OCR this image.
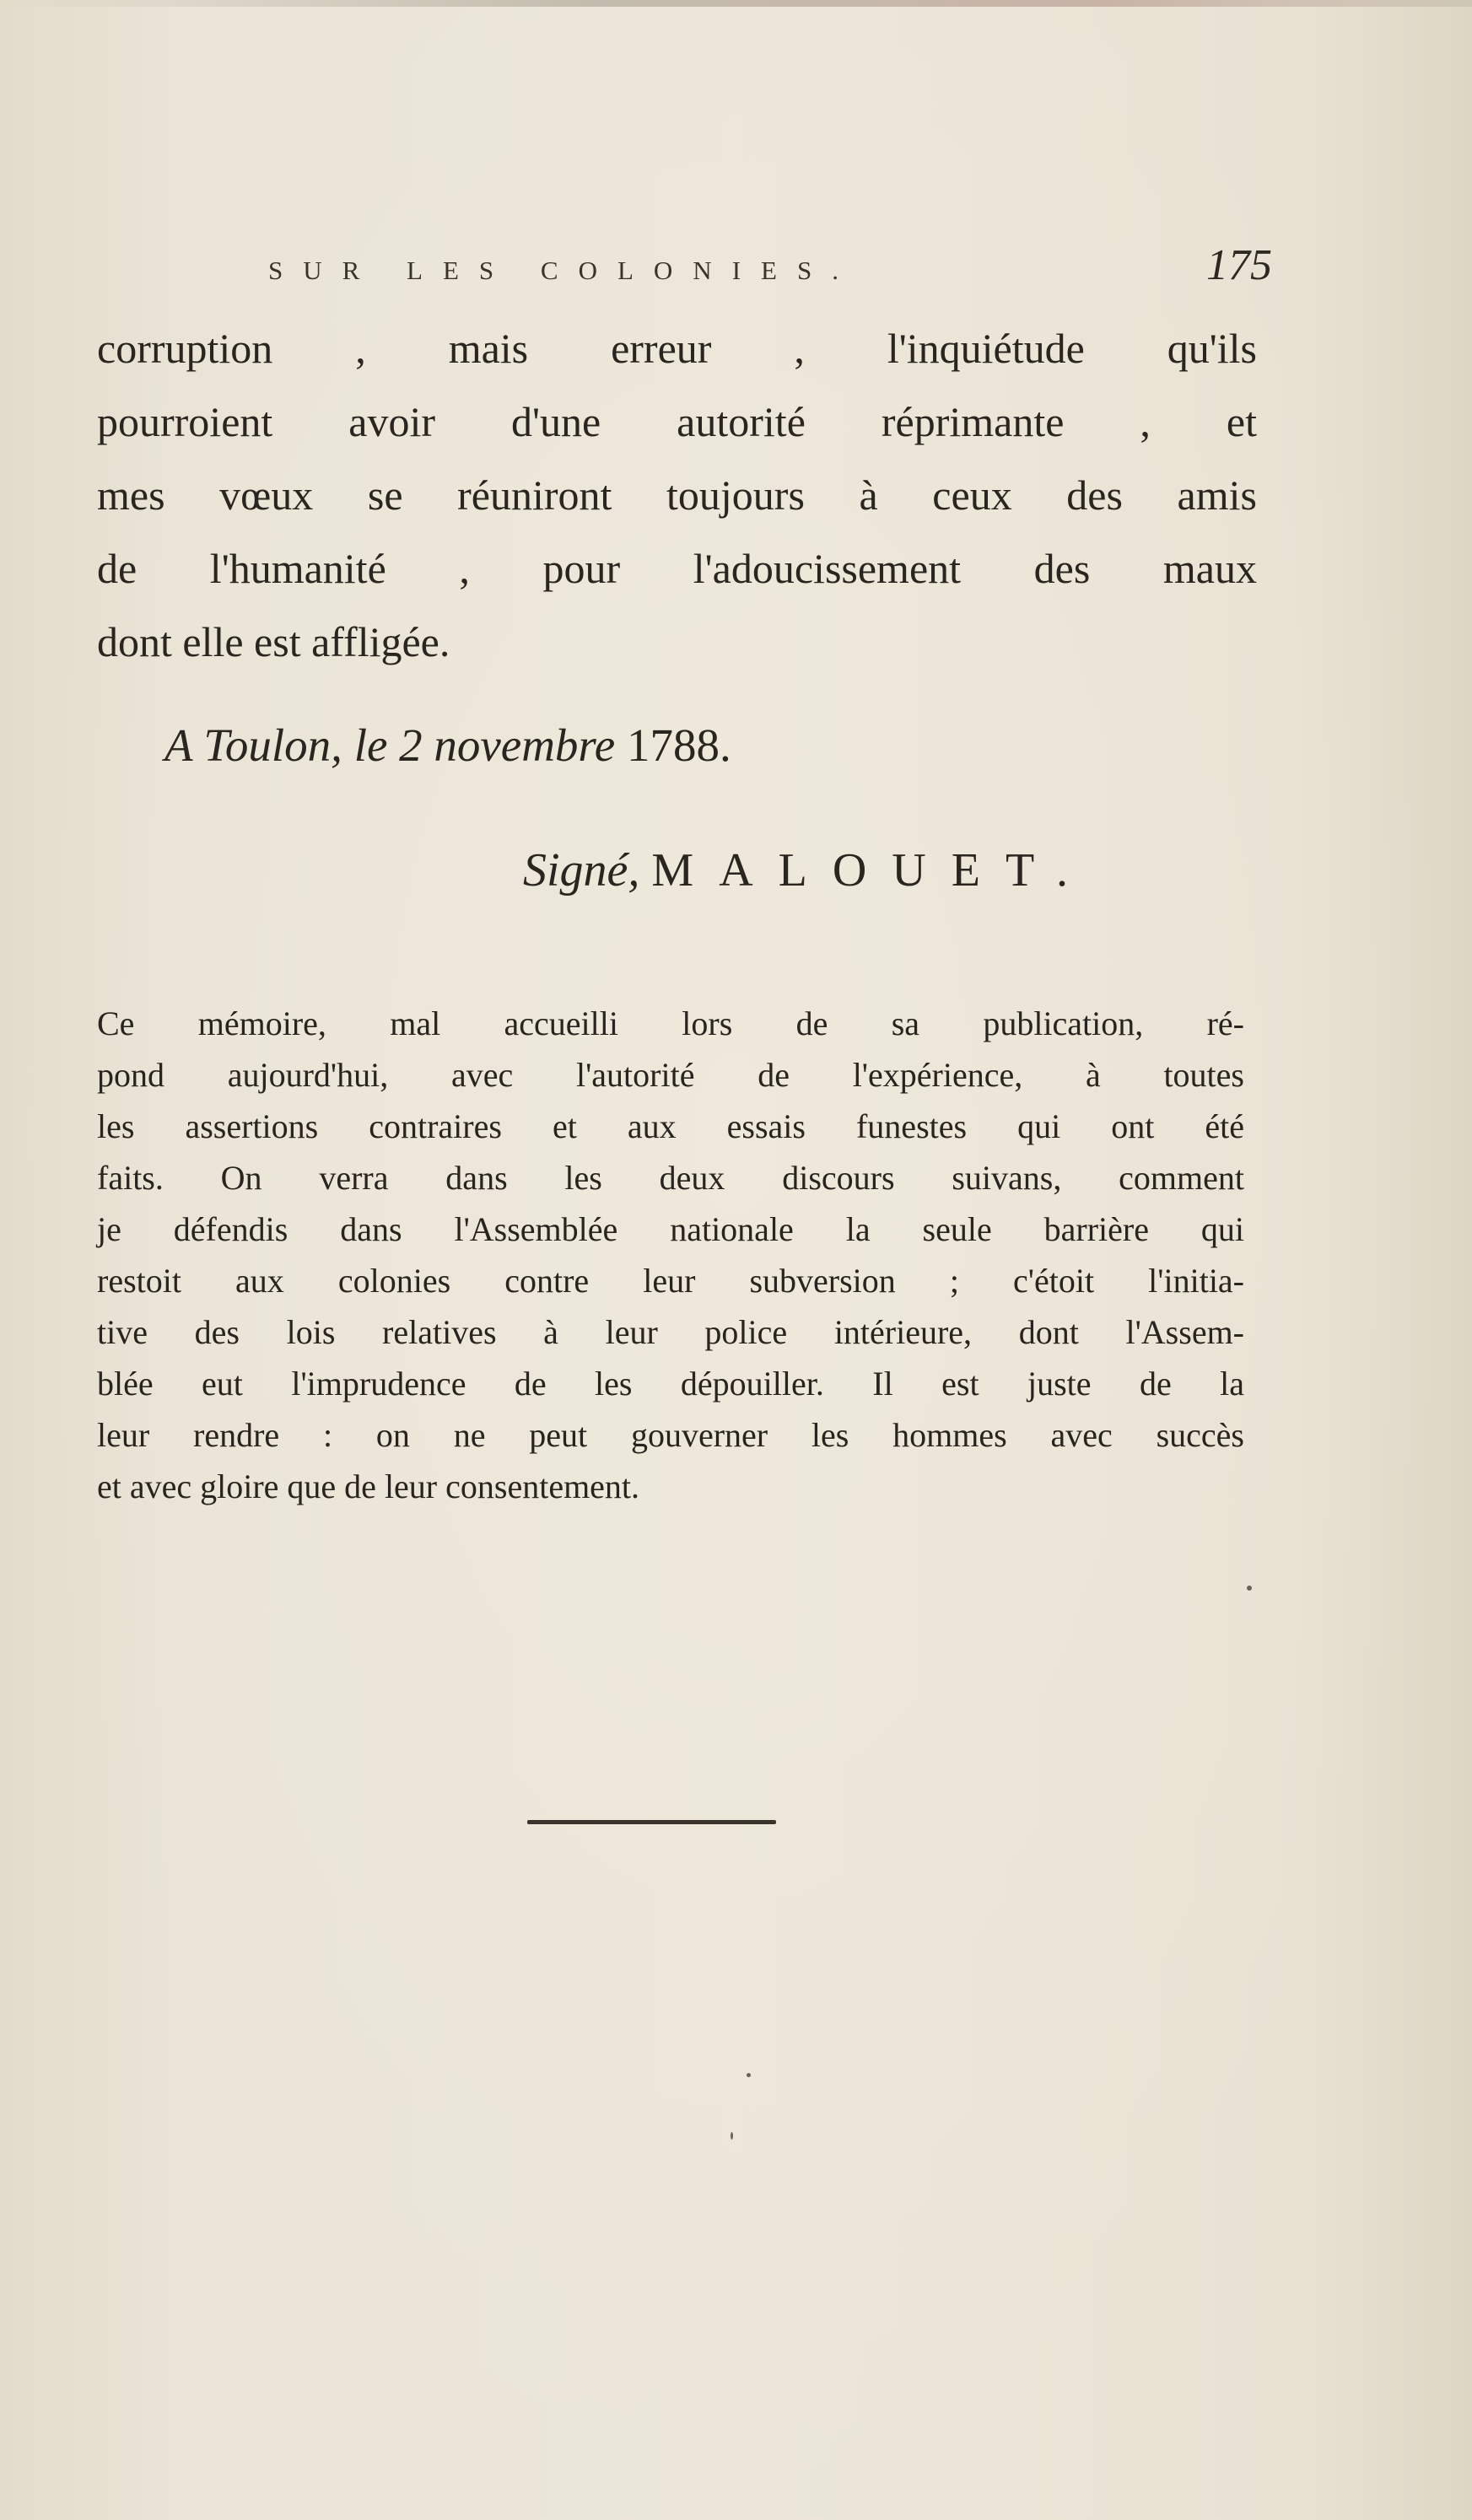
SUR LES COLONIES.	175
corruption , mais erreur , l'inquiétude qu'ils
pourroient avoir d'une autorité réprimante , et
mes vœux se réuniront toujours à ceux des amis
de l'humanité , pour l'adoucissement des maux
dont elle est affligée.
A Toulon, le 2 novembre 1788.
Signé, MALOUET.
Ce mémoire, mal accueilli lors de sa publication, ré-
pond aujourd'hui, avec l'autorité de l'expérience, à toutes
les assertions contraires et aux essais funestes qui ont été
faits. On verra dans les deux discours suivans, comment
je défendis dans l'Assemblée nationale la seule barrière qui
restoit aux colonies contre leur subversion ; c'étoit l'initia-
tive des lois relatives à leur police intérieure, dont l'Assem-
blée eut l'imprudence de les dépouiller. Il est juste de la
leur rendre : on ne peut gouverner les hommes avec succès
et avec gloire que de leur consentement.
